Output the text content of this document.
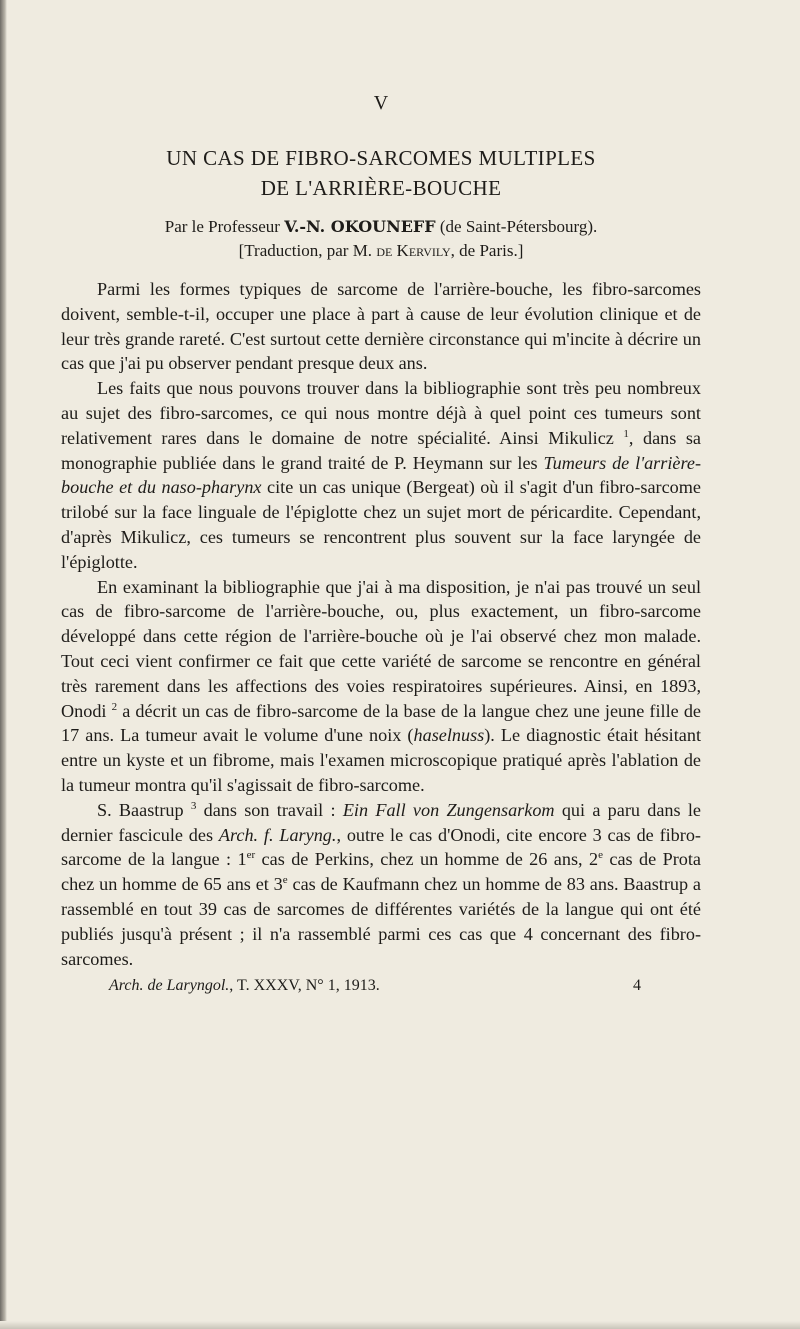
V
UN CAS DE FIBRO-SARCOMES MULTIPLES
DE L'ARRIÈRE-BOUCHE
Par le Professeur V.-N. OKOUNEFF (de Saint-Pétersbourg).
[Traduction, par M. de Kervily, de Paris.]

Parmi les formes typiques de sarcome de l'arrière-bouche, les fibro-sarcomes doivent, semble-t-il, occuper une place à part à cause de leur évolution clinique et de leur très grande rareté. C'est surtout cette dernière circonstance qui m'incite à décrire un cas que j'ai pu observer pendant presque deux ans.

Les faits que nous pouvons trouver dans la bibliographie sont très peu nombreux au sujet des fibro-sarcomes, ce qui nous montre déjà à quel point ces tumeurs sont relativement rares dans le domaine de notre spécialité. Ainsi Mikulicz $^1$, dans sa monographie publiée dans le grand traité de P. Heymann sur les Tumeurs de l'arrière-bouche et du naso-pharynx cite un cas unique (Bergeat) où il s'agit d'un fibro-sarcome trilobé sur la face linguale de l'épiglotte chez un sujet mort de péricardite. Cependant, d'après Mikulicz, ces tumeurs se rencontrent plus souvent sur la face laryngée de l'épiglotte.

En examinant la bibliographie que j'ai à ma disposition, je n'ai pas trouvé un seul cas de fibro-sarcome de l'arrière-bouche, ou, plus exactement, un fibro-sarcome développé dans cette région de l'arrière-bouche où je l'ai observé chez mon malade. Tout ceci vient confirmer ce fait que cette variété de sarcome se rencontre en général très rarement dans les affections des voies respiratoires supérieures. Ainsi, en 1893, Onodi $^2$ a décrit un cas de fibro-sarcome de la base de la langue chez une jeune fille de 17 ans. La tumeur avait le volume d'une noix (haselnuss). Le diagnostic était hésitant entre un kyste et un fibrome, mais l'examen microscopique pratiqué après l'ablation de la tumeur montra qu'il s'agissait de fibro-sarcome.

S. Baastrup $^3$ dans son travail : Ein Fall von Zungensarkom qui a paru dans le dernier fascicule des Arch. f. Laryng., outre le cas d'Onodi, cite encore 3 cas de fibro-sarcome de la langue : 1er cas de Perkins, chez un homme de 26 ans, 2e cas de Prota chez un homme de 65 ans et 3e cas de Kaufmann chez un homme de 83 ans. Baastrup a rassemblé en tout 39 cas de sarcomes de différentes variétés de la langue qui ont été publiés jusqu'à présent ; il n'a rassemblé parmi ces cas que 4 concernant des fibro-sarcomes.

Arch. de Laryngol., T. XXXV, N° 1, 1913.	4
